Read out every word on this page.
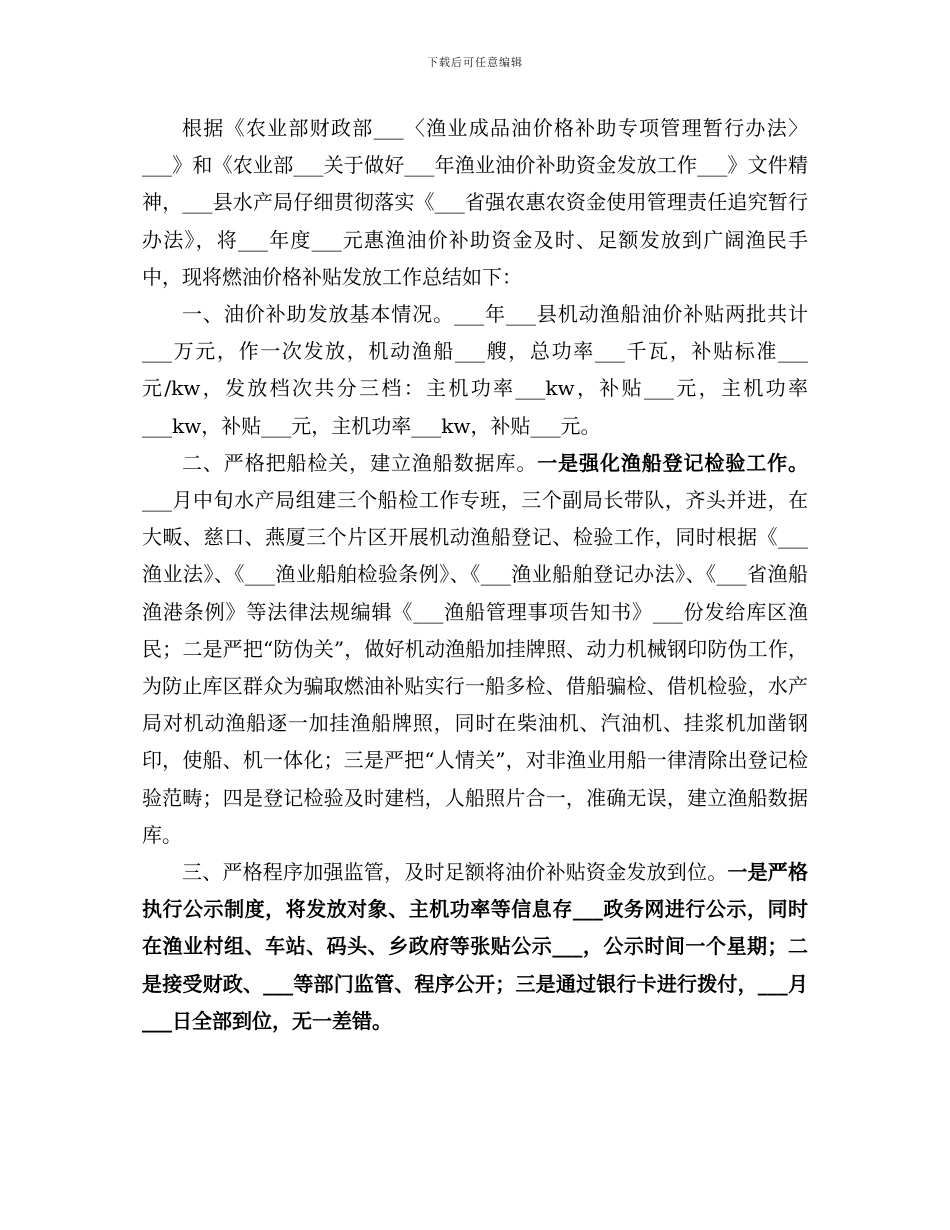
下载后可任意编辑

根据《农业部财政部___〈渔业成品油价格补助专项管理暂行办法〉___》和《农业部___关于做好___年渔业油价补助资金发放工作___》文件精神，___县水产局仔细贯彻落实《___省强农惠农资金使用管理责任追究暂行办法》，将___年度___元惠渔油价补助资金及时、足额发放到广阔渔民手中，现将燃油价格补贴发放工作总结如下：

一、油价补助发放基本情况。___年___县机动渔船油价补贴两批共计___万元，作一次发放，机动渔船___艘，总功率___千瓦，补贴标准___元/kw，发放档次共分三档：主机功率___kw，补贴___元，主机功率___kw，补贴___元，主机功率___kw，补贴___元。

二、严格把船检关，建立渔船数据库。一是强化渔船登记检验工作。___月中旬水产局组建三个船检工作专班，三个副局长带队，齐头并进，在大畈、慈口、燕厦三个片区开展机动渔船登记、检验工作，同时根据《___渔业法》、《___渔业船舶检验条例》、《___渔业船舶登记办法》、《___省渔船渔港条例》等法律法规编辑《___渔船管理事项告知书》___份发给库区渔民；二是严把“防伪关”，做好机动渔船加挂牌照、动力机械钢印防伪工作，为防止库区群众为骗取燃油补贴实行一船多检、借船骗检、借机检验，水产局对机动渔船逐一加挂渔船牌照，同时在柴油机、汽油机、挂浆机加凿钢印，使船、机一体化；三是严把“人情关”，对非渔业用船一律清除出登记检验范畴；四是登记检验及时建档，人船照片合一，准确无误，建立渔船数据库。

三、严格程序加强监管，及时足额将油价补贴资金发放到位。一是严格执行公示制度，将发放对象、主机功率等信息存___政务网进行公示，同时在渔业村组、车站、码头、乡政府等张贴公示___，公示时间一个星期；二是接受财政、___等部门监管、程序公开；三是通过银行卡进行拨付，___月___日全部到位，无一差错。
